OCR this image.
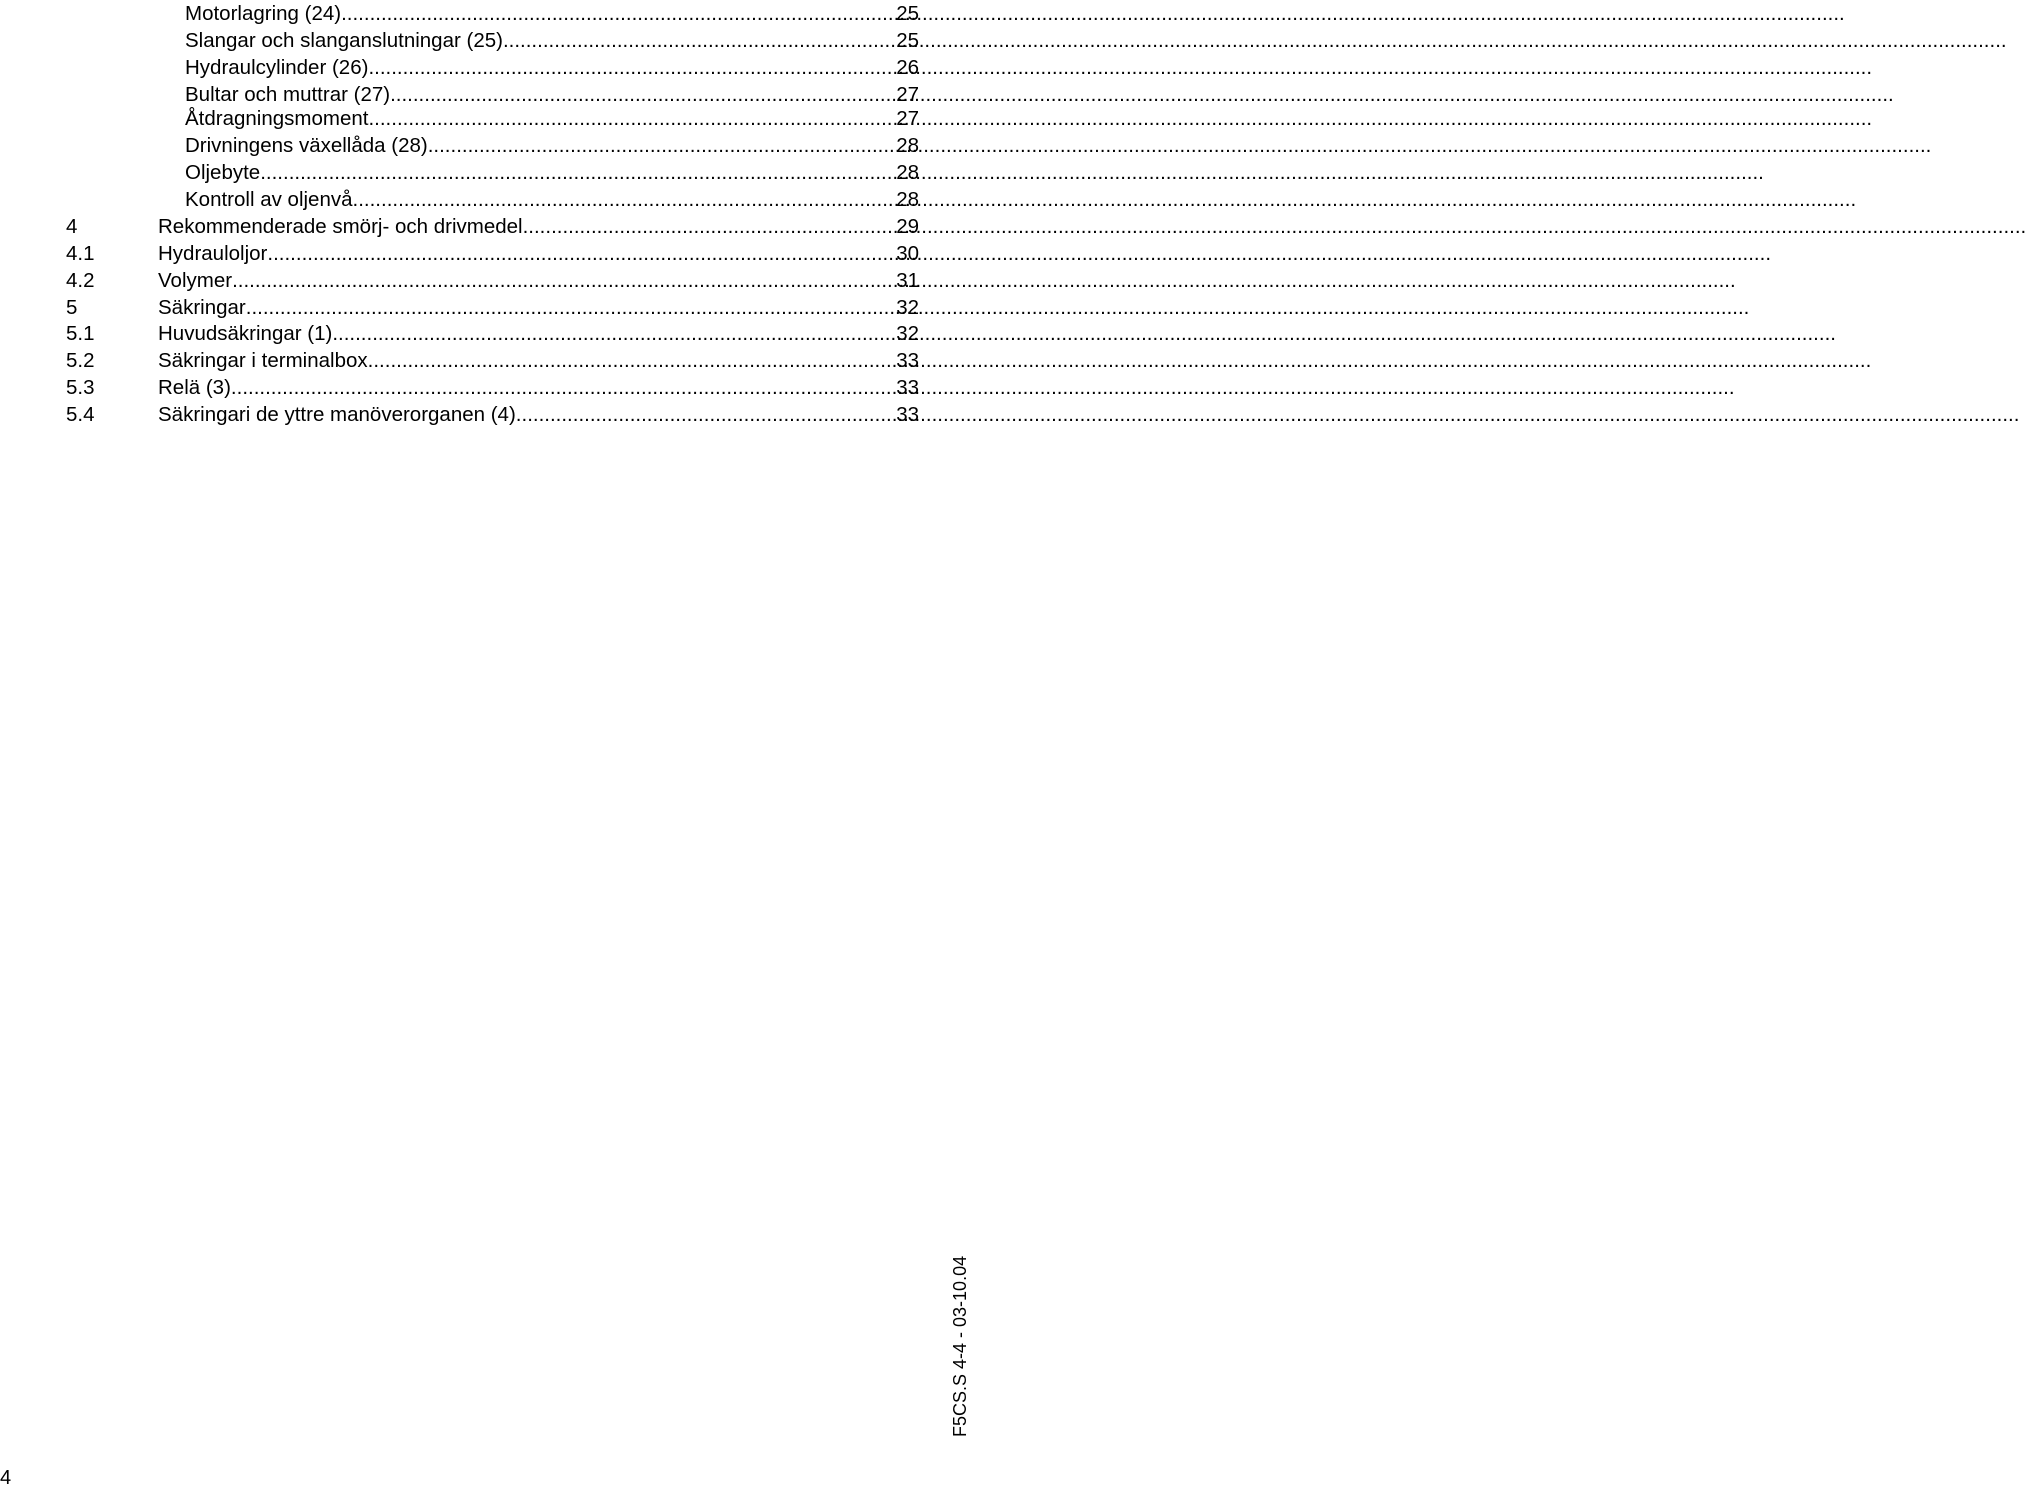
Motorlagring (24) .....	25
Slangar och slanganslutningar (25) .....	25
Hydraulcylinder (26) .....	26
Bultar och muttrar (27) .....	27
Åtdragningsmoment .....	27
Drivningens växellåda (28) .....	28
Oljebyte .....	28
Kontroll av oljenvå .....	28
4	Rekommenderade smörj- och drivmedel .....	29
4.1	Hydrauloljor .....	30
4.2	Volymer .....	31
5	Säkringar .....	32
5.1	Huvudsäkringar (1) .....	32
5.2	Säkringar i terminalbox .....	33
5.3	Relä (3) .....	33
5.4	Säkringari de yttre manöverorganen (4) .....	33
F5CS.S 4-4 - 03-10.04
4
